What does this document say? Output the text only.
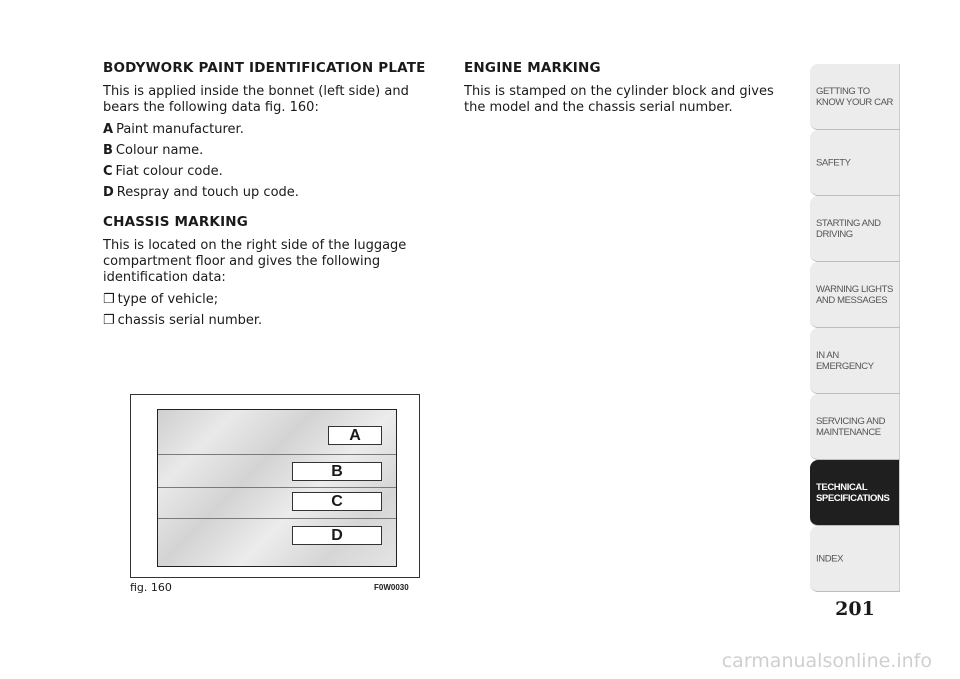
BODYWORK PAINT IDENTIFICATION PLATE
This is applied inside the bonnet (left side) and bears the following data fig. 160:
A Paint manufacturer.
B Colour name.
C Fiat colour code.
D Respray and touch up code.
CHASSIS MARKING
This is located on the right side of the luggage compartment floor and gives the following identification data:
❒ type of vehicle;
❒ chassis serial number.
ENGINE MARKING
This is stamped on the cylinder block and gives the model and the chassis serial number.
A
B
C
D
fig. 160	F0W0030
GETTING TO KNOW YOUR CAR
SAFETY
STARTING AND DRIVING
WARNING LIGHTS AND MESSAGES
IN AN EMERGENCY
SERVICING AND MAINTENANCE
TECHNICAL SPECIFICATIONS
INDEX
201
carmanualsonline.info
